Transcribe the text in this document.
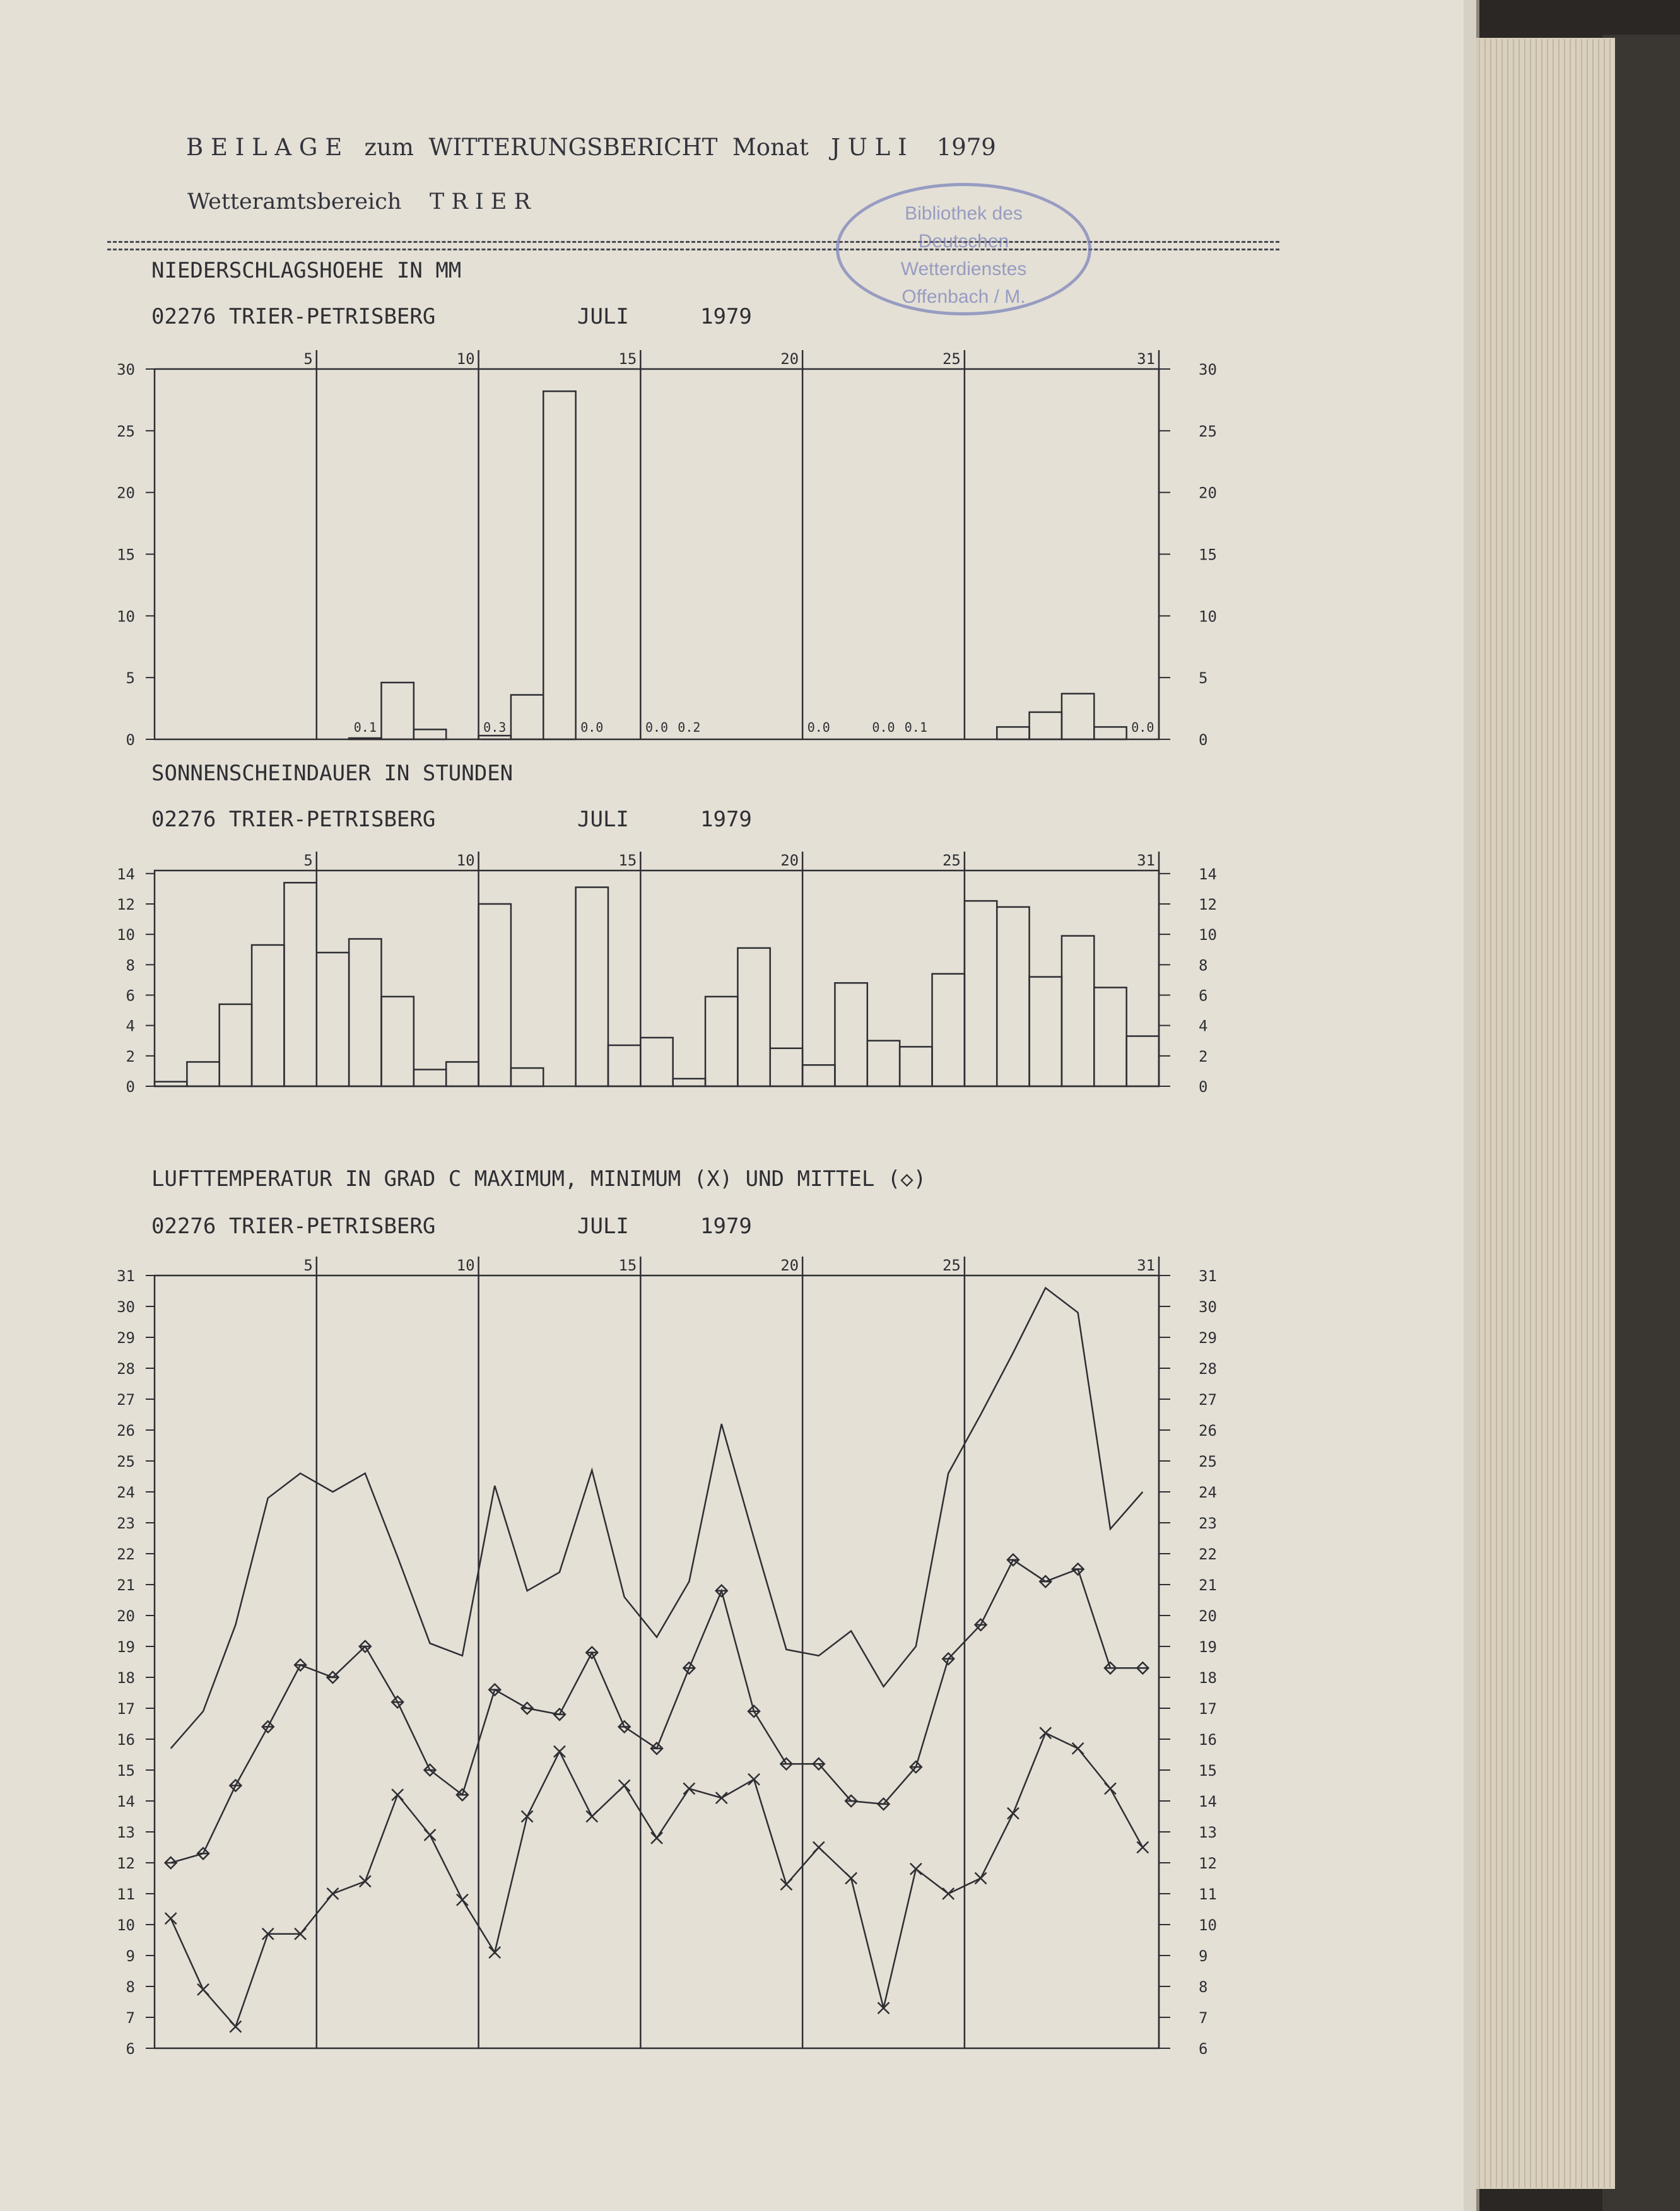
B E I L A G E   zum  WITTERUNGSBERICHT  Monat   J U L I    1979
Wetteramtsbereich    T R I E R	Bibliothek des Deutschen Wetterdienstes Offenbach / M.
NIEDERSCHLAGSHOEHE IN MM
02276 TRIER-PETRISBERG	JULI	1979
5	10	15	20	25	31
0	0
5	5
10	10
15	15
20	20
25	25
30	30
0.1	0.3	0.0	0.0 0.2	0.0	0.0 0.1	0.0
SONNENSCHEINDAUER IN STUNDEN
02276 TRIER-PETRISBERG	JULI	1979
5	10	15	20	25	31
0	0
2	2
4	4
6	6
8	8
10	10
12	12
14	14
LUFTTEMPERATUR IN GRAD C MAXIMUM, MINIMUM (X) UND MITTEL (◇)
02276 TRIER-PETRISBERG	JULI	1979
5	10	15	20	25	31
6	6
7	7
8	8
9	9
10	10
11	11
12	12
13	13
14	14
15	15
16	16
17	17
18	18
19	19
20	20
21	21
22	22
23	23
24	24
25	25
26	26
27	27
28	28
29	29
30	30
31	31
